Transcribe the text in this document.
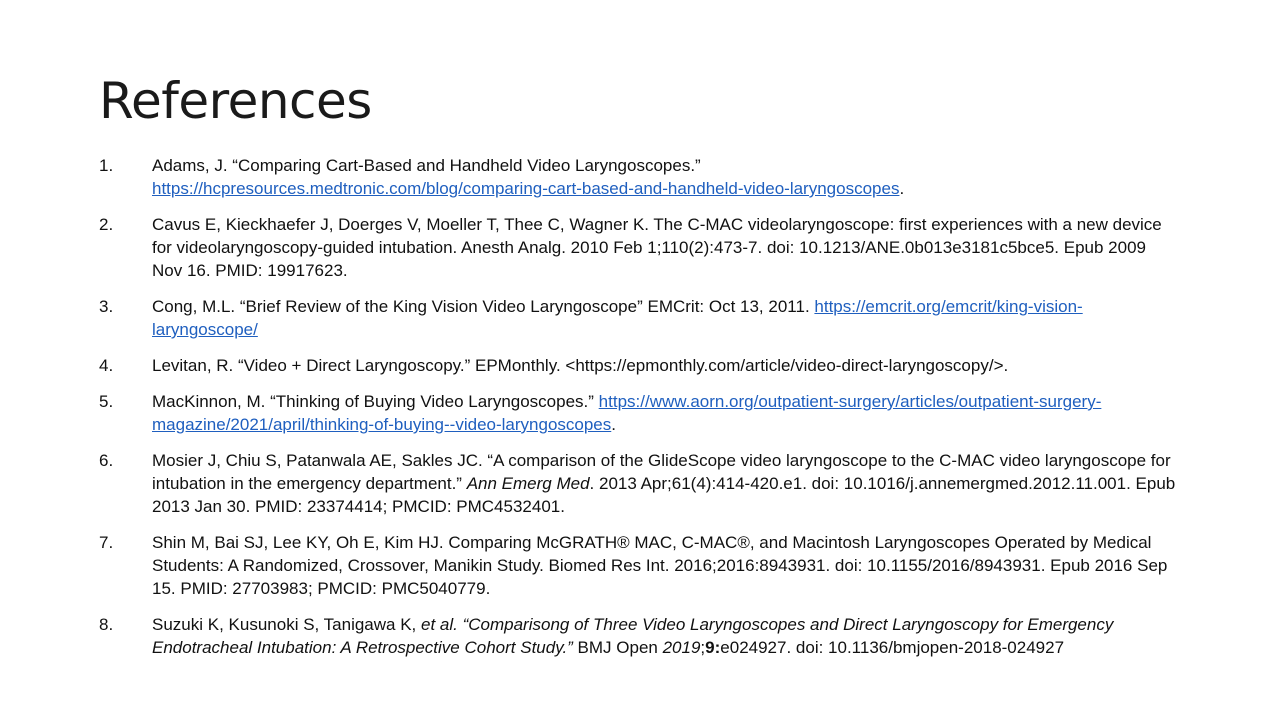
References
1. Adams, J. “Comparing Cart-Based and Handheld Video Laryngoscopes.”
https://hcpresources.medtronic.com/blog/comparing-cart-based-and-handheld-video-laryngoscopes.
2. Cavus E, Kieckhaefer J, Doerges V, Moeller T, Thee C, Wagner K. The C-MAC videolaryngoscope: first experiences with a new device for videolaryngoscopy-guided intubation. Anesth Analg. 2010 Feb 1;110(2):473-7. doi: 10.1213/ANE.0b013e3181c5bce5. Epub 2009 Nov 16. PMID: 19917623.
3. Cong, M.L. “Brief Review of the King Vision Video Laryngoscope” EMCrit: Oct 13, 2011. https://emcrit.org/emcrit/king-vision-laryngoscope/
4. Levitan, R. “Video + Direct Laryngoscopy.” EPMonthly. <https://epmonthly.com/article/video-direct-laryngoscopy/>.
5. MacKinnon, M. “Thinking of Buying Video Laryngoscopes.” https://www.aorn.org/outpatient-surgery/articles/outpatient-surgery-magazine/2021/april/thinking-of-buying--video-laryngoscopes.
6. Mosier J, Chiu S, Patanwala AE, Sakles JC. “A comparison of the GlideScope video laryngoscope to the C-MAC video laryngoscope for intubation in the emergency department.” Ann Emerg Med. 2013 Apr;61(4):414-420.e1. doi: 10.1016/j.annemergmed.2012.11.001. Epub 2013 Jan 30. PMID: 23374414; PMCID: PMC4532401.
7. Shin M, Bai SJ, Lee KY, Oh E, Kim HJ. Comparing McGRATH® MAC, C-MAC®, and Macintosh Laryngoscopes Operated by Medical Students: A Randomized, Crossover, Manikin Study. Biomed Res Int. 2016;2016:8943931. doi: 10.1155/2016/8943931. Epub 2016 Sep 15. PMID: 27703983; PMCID: PMC5040779.
8. Suzuki K, Kusunoki S, Tanigawa K, et al. “Comparisong of Three Video Laryngoscopes and Direct Laryngoscopy for Emergency Endotracheal Intubation: A Retrospective Cohort Study.” BMJ Open 2019;9:e024927. doi: 10.1136/bmjopen-2018-024927
